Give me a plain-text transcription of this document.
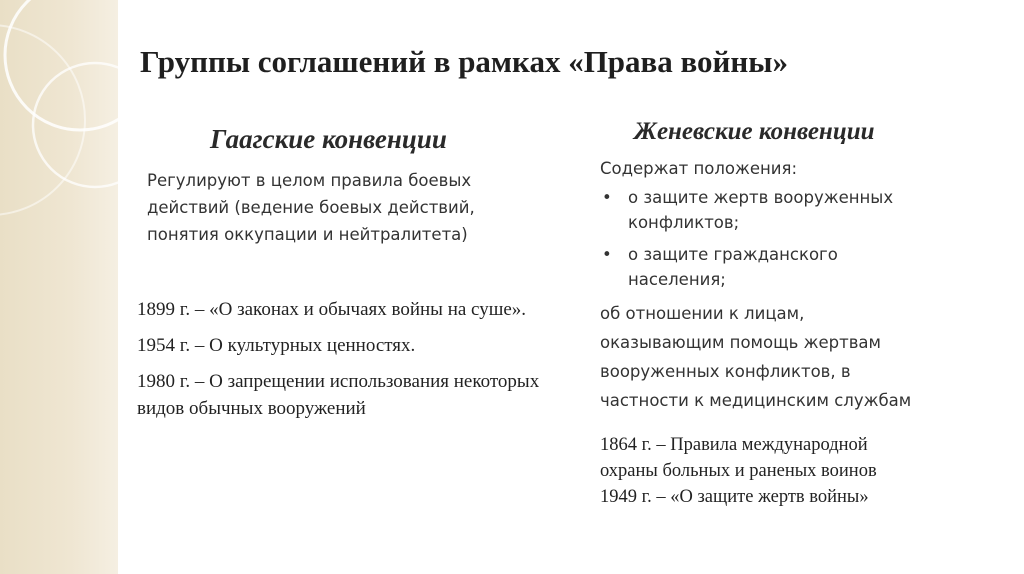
Группы соглашений в рамках «Права войны»
Гаагские конвенции	Женевские конвенции
Регулируют в целом правила боевых
действий (ведение боевых действий,
понятия оккупации и нейтралитета)

1899 г. – «О законах и обычаях войны на суше».

1954 г. – О культурных ценностях.

1980 г. – О запрещении использования некоторых видов обычных вооружений

Содержат положения:
• о защите жертв вооруженных
конфликтов;
• о защите гражданского
населения;
об отношении к лицам,
оказывающим помощь жертвам
вооруженных конфликтов, в
частности к медицинским службам
1864 г. – Правила международной
охраны больных и раненых воинов
1949 г. – «О защите жертв войны»
